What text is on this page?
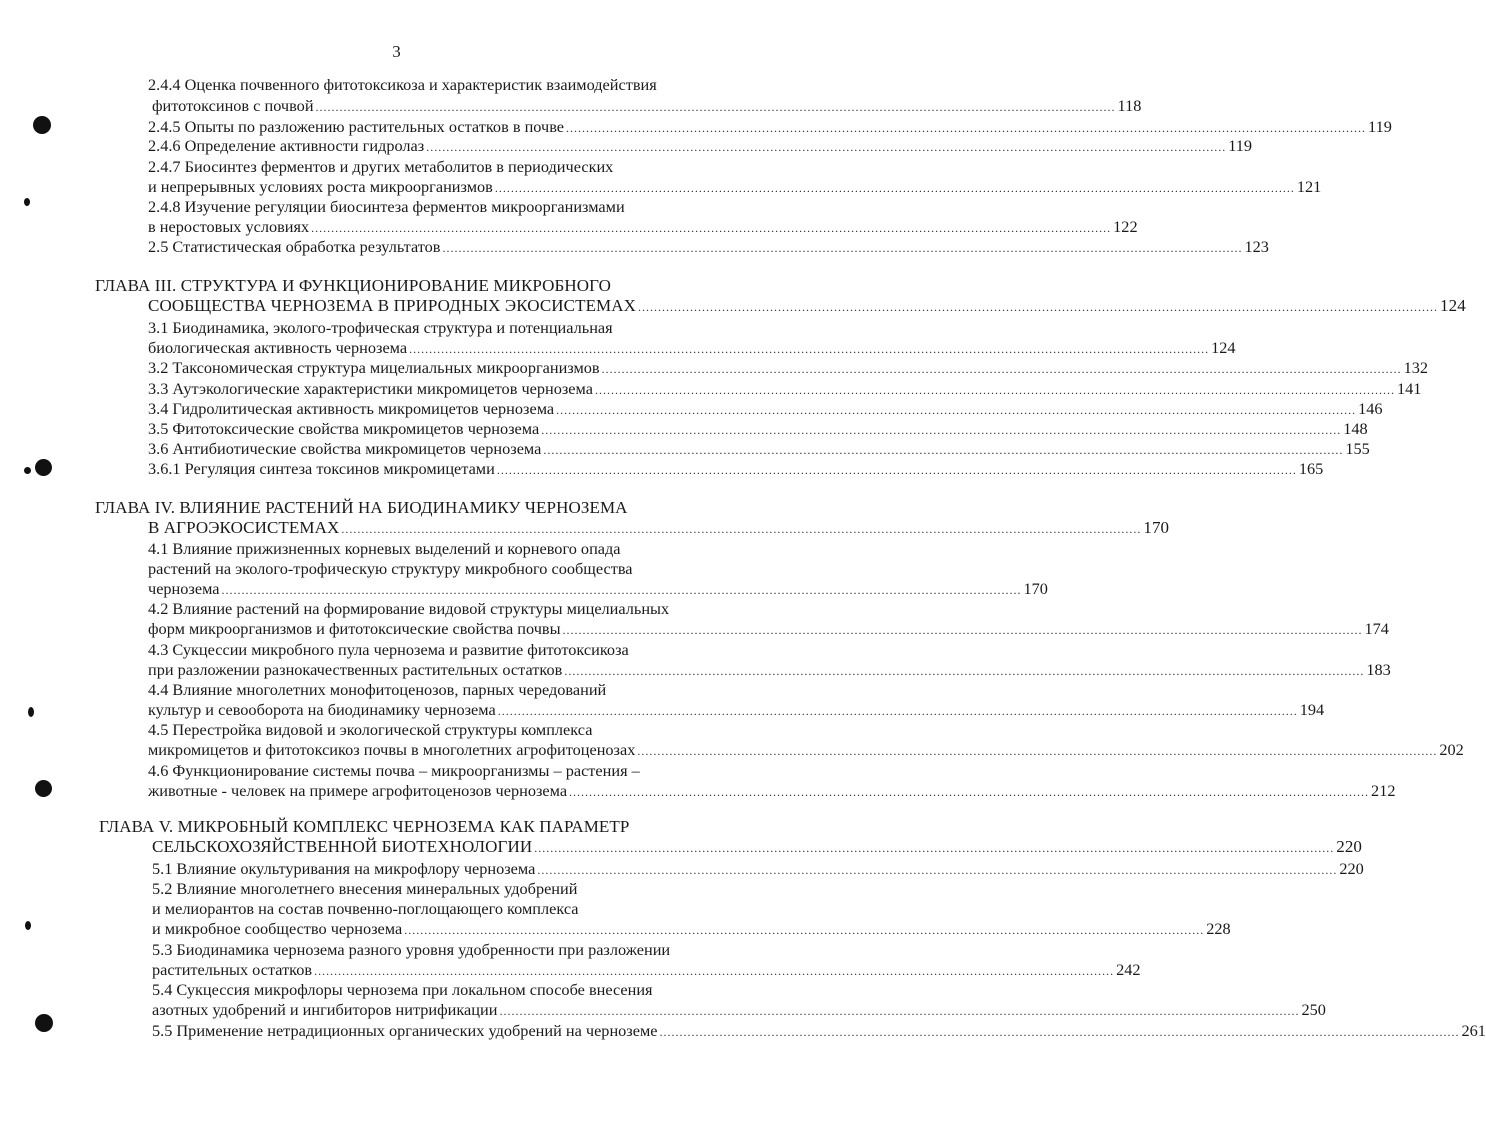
3
2.4.4 Оценка почвенного фитотоксикоза и характеристик взаимодействия
фитотоксинов с почвой ........................................................................................................................................................................................................ 118
2.4.5 Опыты по разложению растительных остатков в почве ........................................................................................................................................................................................................ 119
2.4.6 Определение активности гидролаз ........................................................................................................................................................................................................ 119
2.4.7 Биосинтез ферментов и других метаболитов в периодических
и непрерывных условиях роста микроорганизмов ........................................................................................................................................................................................................ 121
2.4.8 Изучение регуляции биосинтеза ферментов микроорганизмами
в неростовых условиях ........................................................................................................................................................................................................ 122
2.5 Статистическая обработка результатов ........................................................................................................................................................................................................ 123
ГЛАВА III. СТРУКТУРА И ФУНКЦИОНИРОВАНИЕ МИКРОБНОГО
СООБЩЕСТВА ЧЕРНОЗЕМА В ПРИРОДНЫХ ЭКОСИСТЕМАХ ........................................................................................................................................................................................................ 124
3.1 Биодинамика, эколого-трофическая структура и потенциальная
биологическая активность чернозема ........................................................................................................................................................................................................ 124
3.2 Таксономическая структура мицелиальных микроорганизмов ........................................................................................................................................................................................................ 132
3.3 Аутэкологические характеристики микромицетов чернозема ........................................................................................................................................................................................................ 141
3.4 Гидролитическая активность микромицетов чернозема ........................................................................................................................................................................................................ 146
3.5 Фитотоксические свойства микромицетов чернозема ........................................................................................................................................................................................................ 148
3.6 Антибиотические свойства микромицетов чернозема ........................................................................................................................................................................................................ 155
3.6.1 Регуляция синтеза токсинов микромицетами ........................................................................................................................................................................................................ 165
ГЛАВА IV. ВЛИЯНИЕ РАСТЕНИЙ НА БИОДИНАМИКУ ЧЕРНОЗЕМА
В АГРОЭКОСИСТЕМАХ ........................................................................................................................................................................................................ 170
4.1 Влияние прижизненных корневых выделений и корневого опада
растений на эколого-трофическую структуру микробного сообщества
чернозема ........................................................................................................................................................................................................ 170
4.2 Влияние растений на формирование видовой структуры мицелиальных
форм микроорганизмов и фитотоксические свойства почвы ........................................................................................................................................................................................................ 174
4.3 Сукцессии микробного пула чернозема и развитие фитотоксикоза
при разложении разнокачественных растительных остатков ........................................................................................................................................................................................................ 183
4.4 Влияние многолетних монофитоценозов, парных чередований
культур и севооборота на биодинамику чернозема ........................................................................................................................................................................................................ 194
4.5 Перестройка видовой и экологической структуры комплекса
микромицетов и фитотоксикоз почвы в многолетних агрофитоценозах ........................................................................................................................................................................................................ 202
4.6 Функционирование системы почва – микроорганизмы – растения –
животные - человек на примере агрофитоценозов чернозема ........................................................................................................................................................................................................ 212
ГЛАВА V. МИКРОБНЫЙ КОМПЛЕКС ЧЕРНОЗЕМА КАК ПАРАМЕТР
СЕЛЬСКОХОЗЯЙСТВЕННОЙ БИОТЕХНОЛОГИИ ........................................................................................................................................................................................................ 220
5.1 Влияние окультуривания на микрофлору чернозема ........................................................................................................................................................................................................ 220
5.2 Влияние многолетнего внесения минеральных удобрений
и мелиорантов на состав почвенно-поглощающего комплекса
и микробное сообщество чернозема ........................................................................................................................................................................................................ 228
5.3 Биодинамика чернозема разного уровня удобренности при разложении
растительных остатков ........................................................................................................................................................................................................ 242
5.4 Сукцессия микрофлоры чернозема при локальном способе внесения
азотных удобрений и ингибиторов нитрификации ........................................................................................................................................................................................................ 250
5.5 Применение нетрадиционных органических удобрений на черноземе ........................................................................................................................................................................................................ 261
